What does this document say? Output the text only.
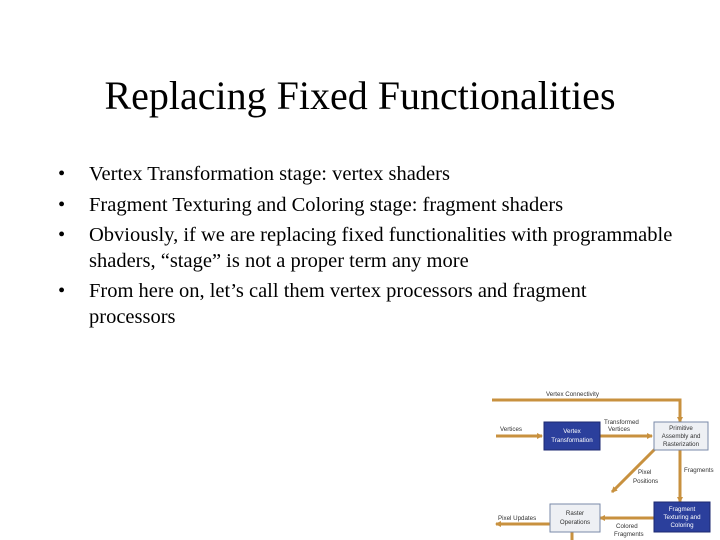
Replacing Fixed Functionalities
• Vertex Transformation stage: vertex shaders
• Fragment Texturing and Coloring stage: fragment shaders
• Obviously, if we are replacing fixed functionalities with programmable shaders, “stage” is not a proper term any more
• From here on, let’s call them vertex processors and fragment processors
Vertex
Transformation
Primitive
Assembly and
Rasterization
Raster
Operations
Fragment
Texturing and
Coloring
Vertex Connectivity
Vertices
Transformed
Vertices
Fragments
Pixel
Positions
Pixel Updates
Colored
Fragments
